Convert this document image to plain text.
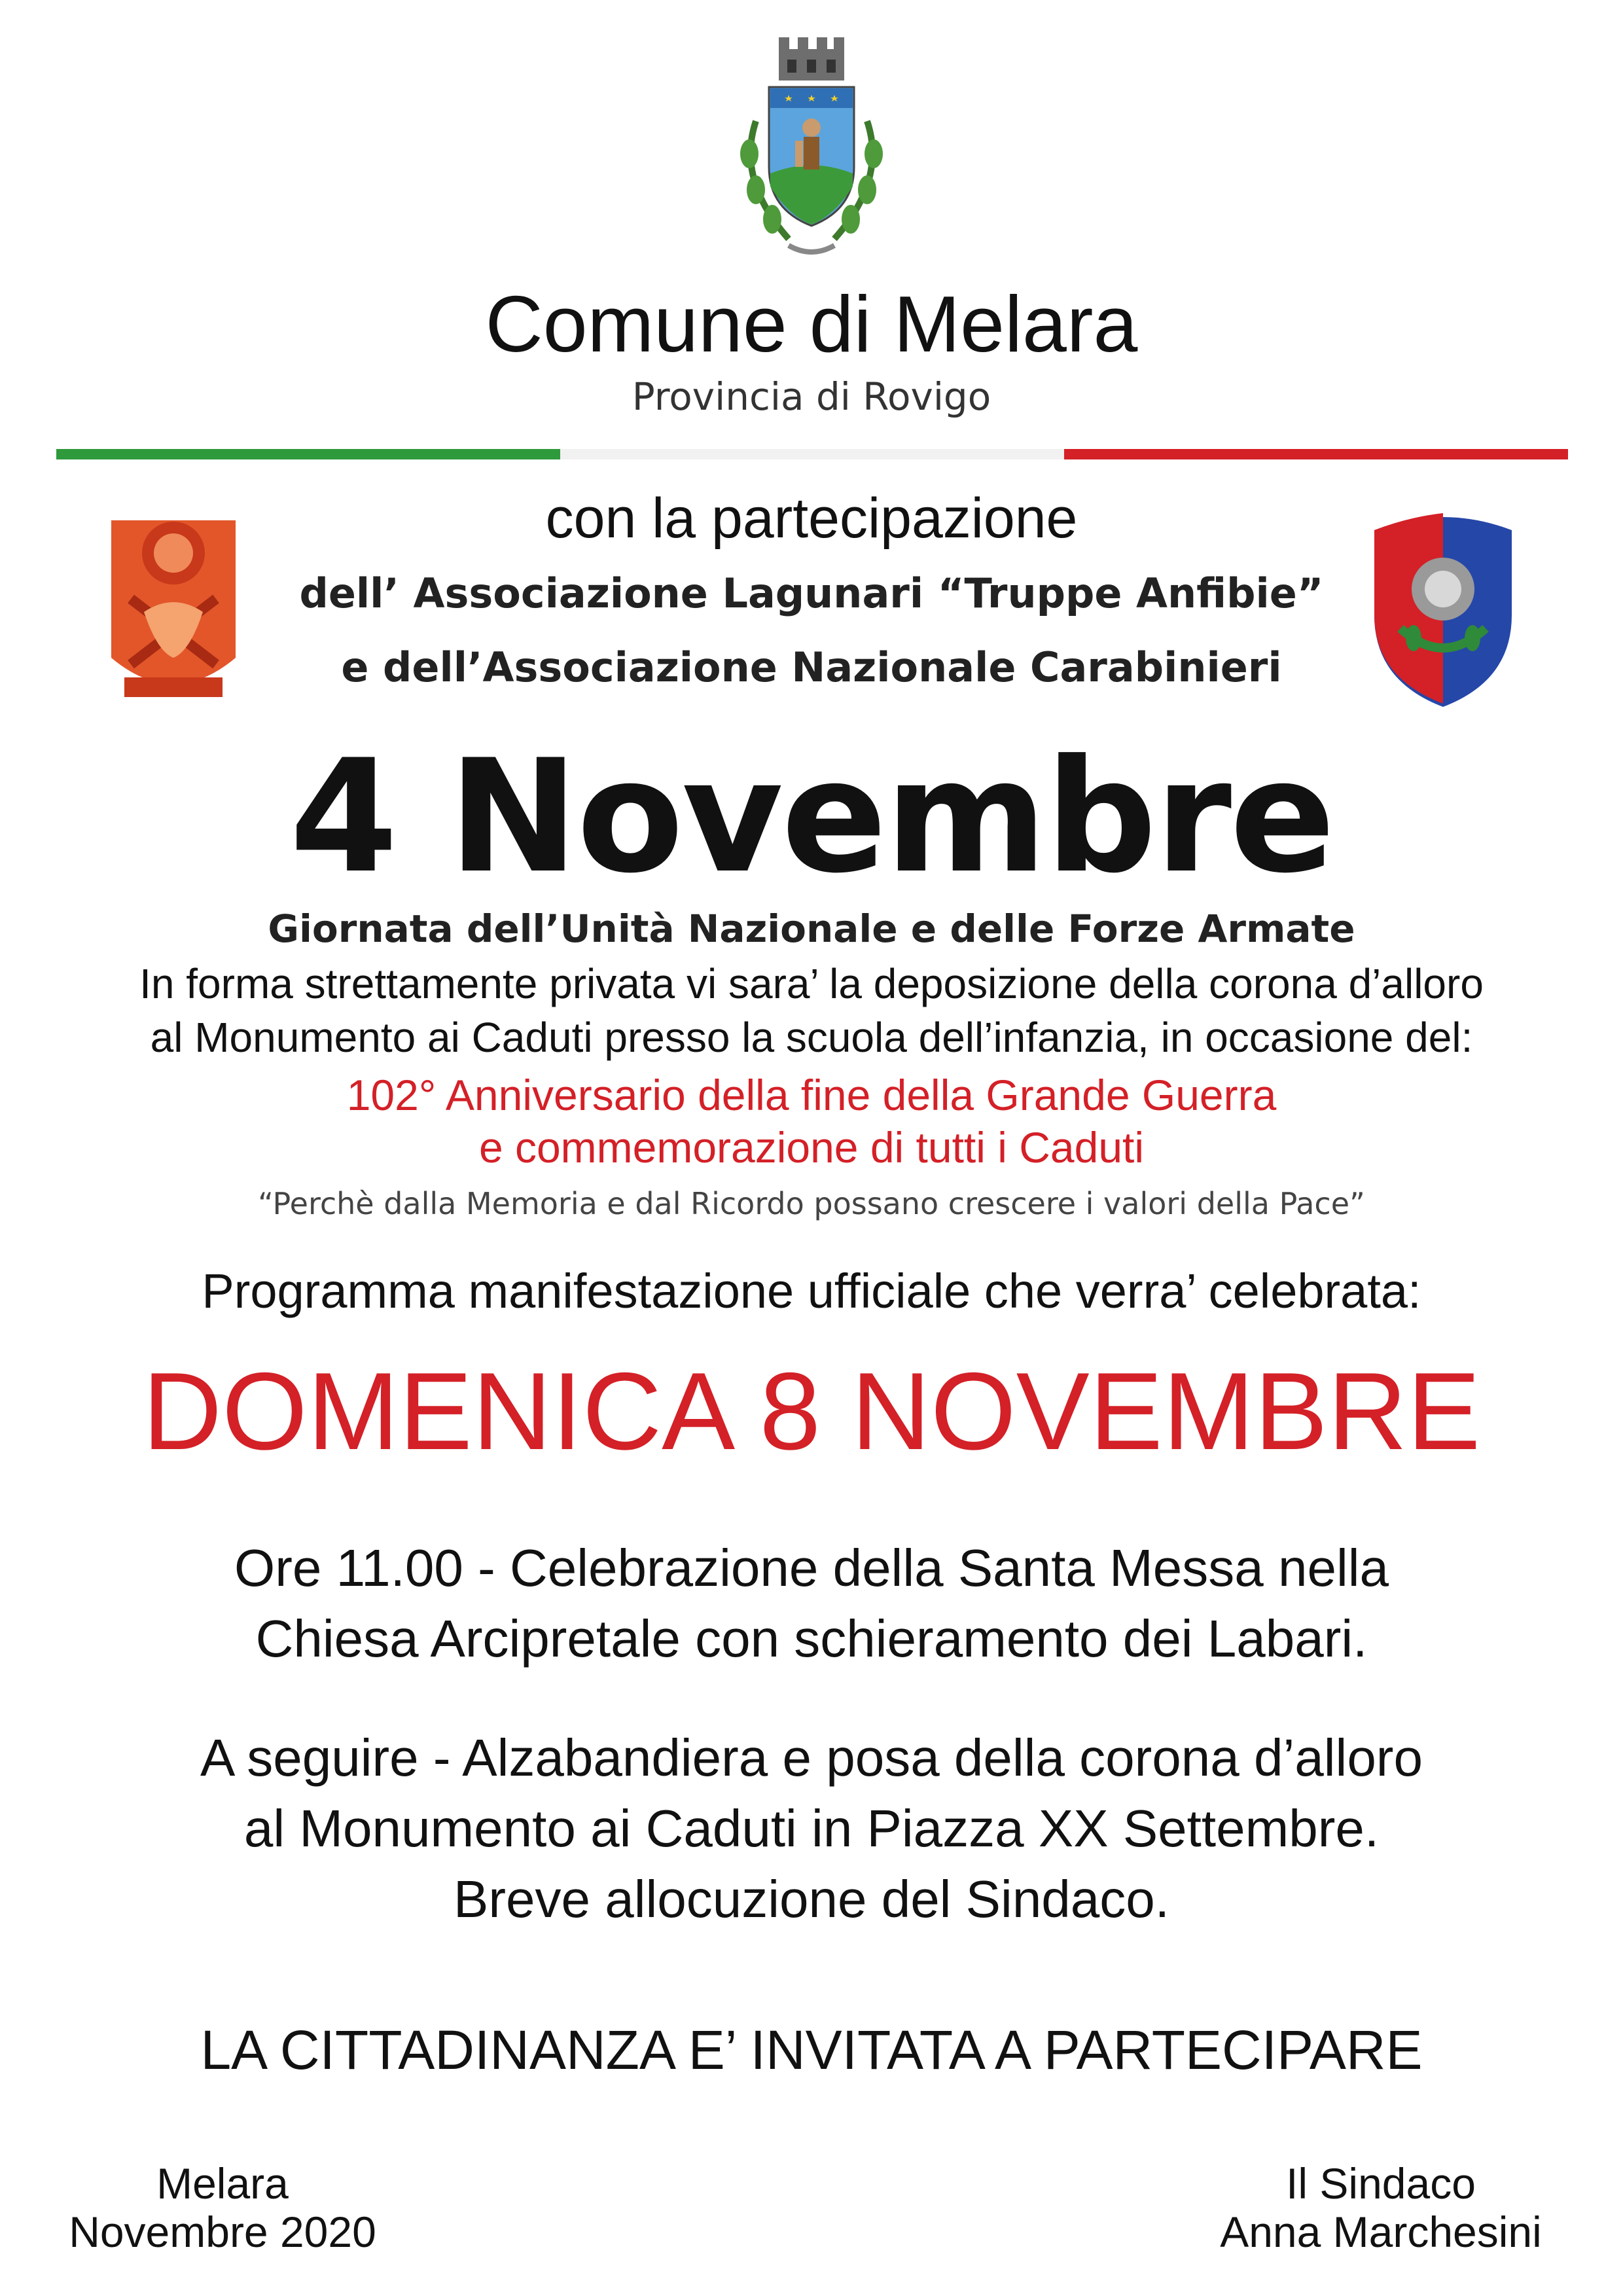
Comune di Melara
Provincia di Rovigo
con la partecipazione
dell’ Associazione Lagunari “Truppe Anfibie”
e dell’Associazione Nazionale Carabinieri
4 Novembre
Giornata dell’Unità Nazionale e delle Forze Armate
In forma strettamente privata vi sara’ la deposizione della corona d’alloro
al Monumento ai Caduti presso la scuola dell’infanzia, in occasione del:
102° Anniversario della fine della Grande Guerra
e commemorazione di tutti i Caduti
“Perchè dalla Memoria e dal Ricordo possano crescere i valori della Pace”
Programma manifestazione ufficiale che verra’ celebrata:
DOMENICA 8 NOVEMBRE
Ore 11.00 - Celebrazione della Santa Messa nella
Chiesa Arcipretale con schieramento dei Labari.
A seguire - Alzabandiera e posa della corona d’alloro
al Monumento ai Caduti in Piazza XX Settembre.
Breve allocuzione del Sindaco.
LA CITTADINANZA E’ INVITATA A PARTECIPARE
Melara
Novembre 2020
Il Sindaco
Anna Marchesini
